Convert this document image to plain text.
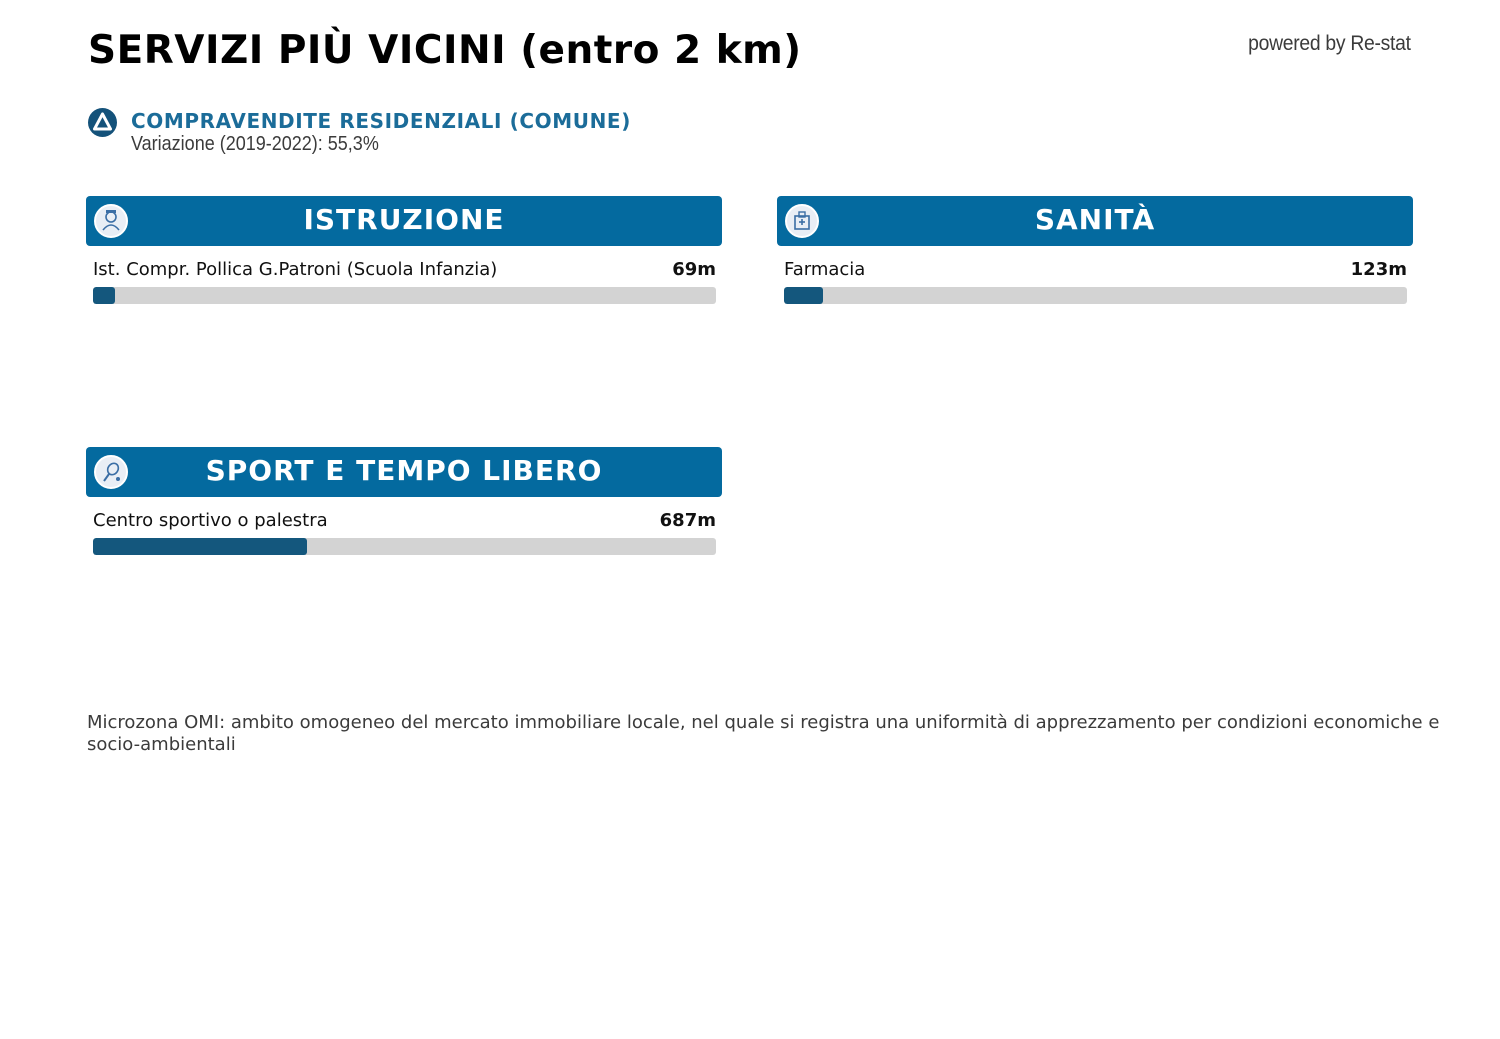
SERVIZI PIÙ VICINI (entro 2 km)	powered by Re-stat
COMPRAVENDITE RESIDENZIALI (COMUNE)
Variazione (2019-2022): 55,3%
ISTRUZIONE
Ist. Compr. Pollica G.Patroni (Scuola Infanzia)	69m
SANITÀ
Farmacia	123m
SPORT E TEMPO LIBERO
Centro sportivo o palestra	687m

Microzona OMI: ambito omogeneo del mercato immobiliare locale, nel quale si registra una uniformità di apprezzamento per condizioni economiche e socio-ambientali
